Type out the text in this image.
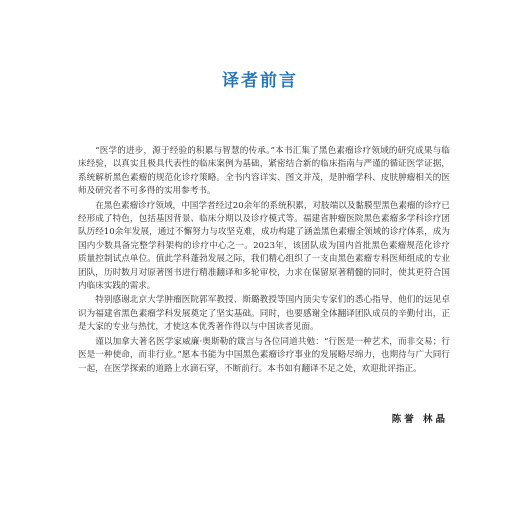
译者前言

“医学的进步，源于经验的积累与智慧的传承。”本书汇集了黑色素瘤诊疗领域的研究成果与临床经验，以真实且极具代表性的临床案例为基础，紧密结合新的临床指南与严谨的循证医学证据，系统解析黑色素瘤的规范化诊疗策略。全书内容详实、图文并茂，是肿瘤学科、皮肤肿瘤相关的医师及研究者不可多得的实用参考书。

在黑色素瘤诊疗领域，中国学者经过20余年的系统积累，对肢端以及黏膜型黑色素瘤的诊疗已经形成了特色，包括基因背景、临床分期以及诊疗模式等。福建省肿瘤医院黑色素瘤多学科诊疗团队历经10余年发展，通过不懈努力与攻坚克难，成功构建了涵盖黑色素瘤全领域的诊疗体系，成为国内少数具备完整学科架构的诊疗中心之一。2023年，该团队成为国内首批黑色素瘤规范化诊疗质量控制试点单位。值此学科蓬勃发展之际，我们精心组织了一支由黑色素瘤专科医师组成的专业团队，历时数月对原著图书进行精准翻译和多轮审校，力求在保留原著精髓的同时，使其更符合国内临床实践的需求。

特别感谢北京大学肿瘤医院郭军教授、斯璐教授等国内顶尖专家们的悉心指导，他们的远见卓识为福建省黑色素瘤学科发展奠定了坚实基础。同时，也要感谢全体翻译团队成员的辛勤付出，正是大家的专业与热忱，才使这本优秀著作得以与中国读者见面。

谨以加拿大著名医学家威廉·奥斯勒的箴言与各位同道共勉：“行医是一种艺术，而非交易；行医是一种使命，而非行业。”愿本书能为中国黑色素瘤诊疗事业的发展略尽绵力，也期待与广大同行一起，在医学探索的道路上水滴石穿，不断前行。本书如有翻译不足之处，欢迎批评指正。

陈誉 林晶
